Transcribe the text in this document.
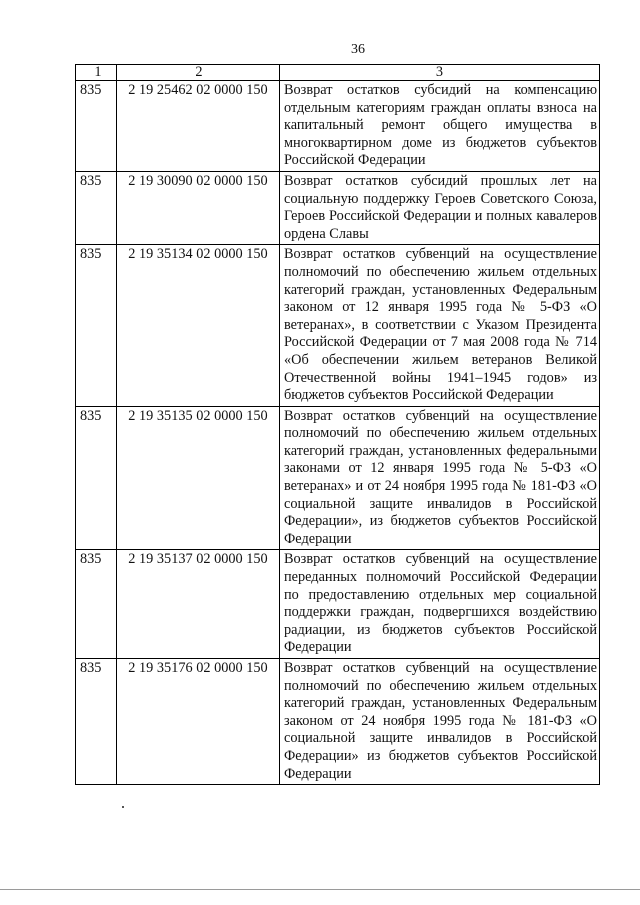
36
1	2	3
835	2 19 25462 02 0000 150	Возврат остатков субсидий на компенсацию отдельным категориям граждан оплаты взноса на капитальный ремонт общего имущества в многоквартирном доме из бюджетов субъектов Российской Федерации
835	2 19 30090 02 0000 150	Возврат остатков субсидий прошлых лет на социальную поддержку Героев Советского Союза, Героев Российской Федерации и полных кавалеров ордена Славы
835	2 19 35134 02 0000 150	Возврат остатков субвенций на осуществление полномочий по обеспечению жильем отдельных категорий граждан, установленных Федеральным законом от 12 января 1995 года № 5-ФЗ «О ветеранах», в соответствии с Указом Президента Российской Федерации от 7 мая 2008 года № 714 «Об обеспечении жильем ветеранов Великой Отечественной войны 1941–1945 годов» из бюджетов субъектов Российской Федерации
835	2 19 35135 02 0000 150	Возврат остатков субвенций на осуществление полномочий по обеспечению жильем отдельных категорий граждан, установленных федеральными законами от 12 января 1995 года № 5-ФЗ «О ветеранах» и от 24 ноября 1995 года № 181-ФЗ «О социальной защите инвалидов в Российской Федерации», из бюджетов субъектов Российской Федерации
835	2 19 35137 02 0000 150	Возврат остатков субвенций на осуществление переданных полномочий Российской Федерации по предоставлению отдельных мер социальной поддержки граждан, подвергшихся воздействию радиации, из бюджетов субъектов Российской Федерации
835	2 19 35176 02 0000 150	Возврат остатков субвенций на осуществление полномочий по обеспечению жильем отдельных категорий граждан, установленных Федеральным законом от 24 ноября 1995 года № 181-ФЗ «О социальной защите инвалидов в Российской Федерации» из бюджетов субъектов Российской Федерации
